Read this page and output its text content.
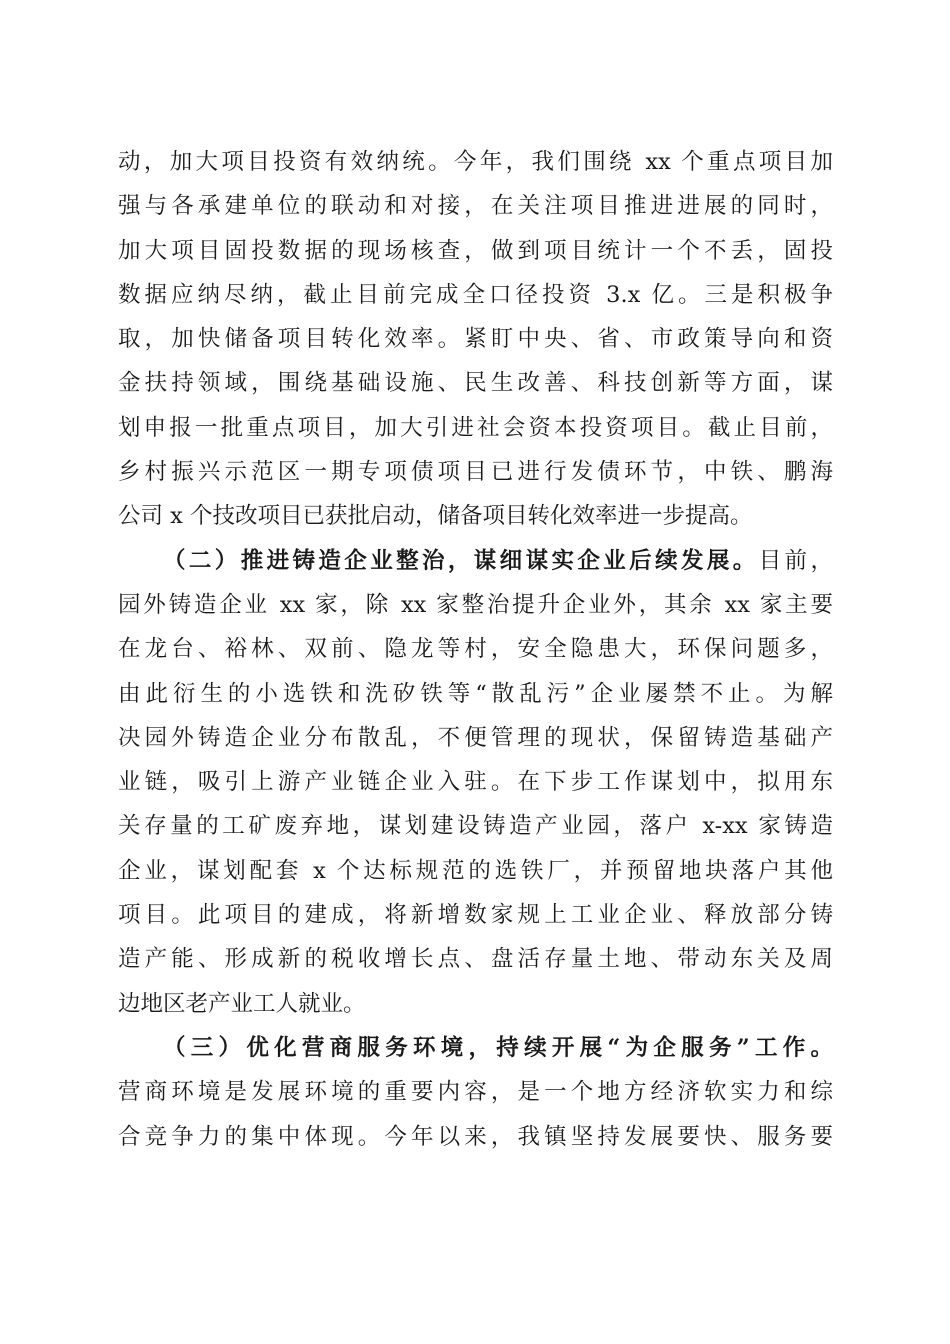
动，加大项目投资有效纳统。今年，我们围绕 xx 个重点项目加
强与各承建单位的联动和对接，在关注项目推进进展的同时，
加大项目固投数据的现场核查，做到项目统计一个不丢，固投
数据应纳尽纳，截止目前完成全口径投资 3.x 亿。三是积极争
取，加快储备项目转化效率。紧盯中央、省、市政策导向和资
金扶持领域，围绕基础设施、民生改善、科技创新等方面，谋
划申报一批重点项目，加大引进社会资本投资项目。截止目前，
乡村振兴示范区一期专项债项目已进行发债环节，中铁、鹏海
公司 x 个技改项目已获批启动，储备项目转化效率进一步提高。
（二）推进铸造企业整治，谋细谋实企业后续发展。目前，
园外铸造企业 xx 家，除 xx 家整治提升企业外，其余 xx 家主要
在龙台、裕林、双前、隐龙等村，安全隐患大，环保问题多，
由此衍生的小选铁和洗矽铁等“散乱污”企业屡禁不止。为解
决园外铸造企业分布散乱，不便管理的现状，保留铸造基础产
业链，吸引上游产业链企业入驻。在下步工作谋划中，拟用东
关存量的工矿废弃地，谋划建设铸造产业园，落户 x-xx 家铸造
企业，谋划配套 x 个达标规范的选铁厂，并预留地块落户其他
项目。此项目的建成，将新增数家规上工业企业、释放部分铸
造产能、形成新的税收增长点、盘活存量土地、带动东关及周
边地区老产业工人就业。
（三）优化营商服务环境，持续开展“为企服务”工作。
营商环境是发展环境的重要内容，是一个地方经济软实力和综
合竞争力的集中体现。今年以来，我镇坚持发展要快、服务要
